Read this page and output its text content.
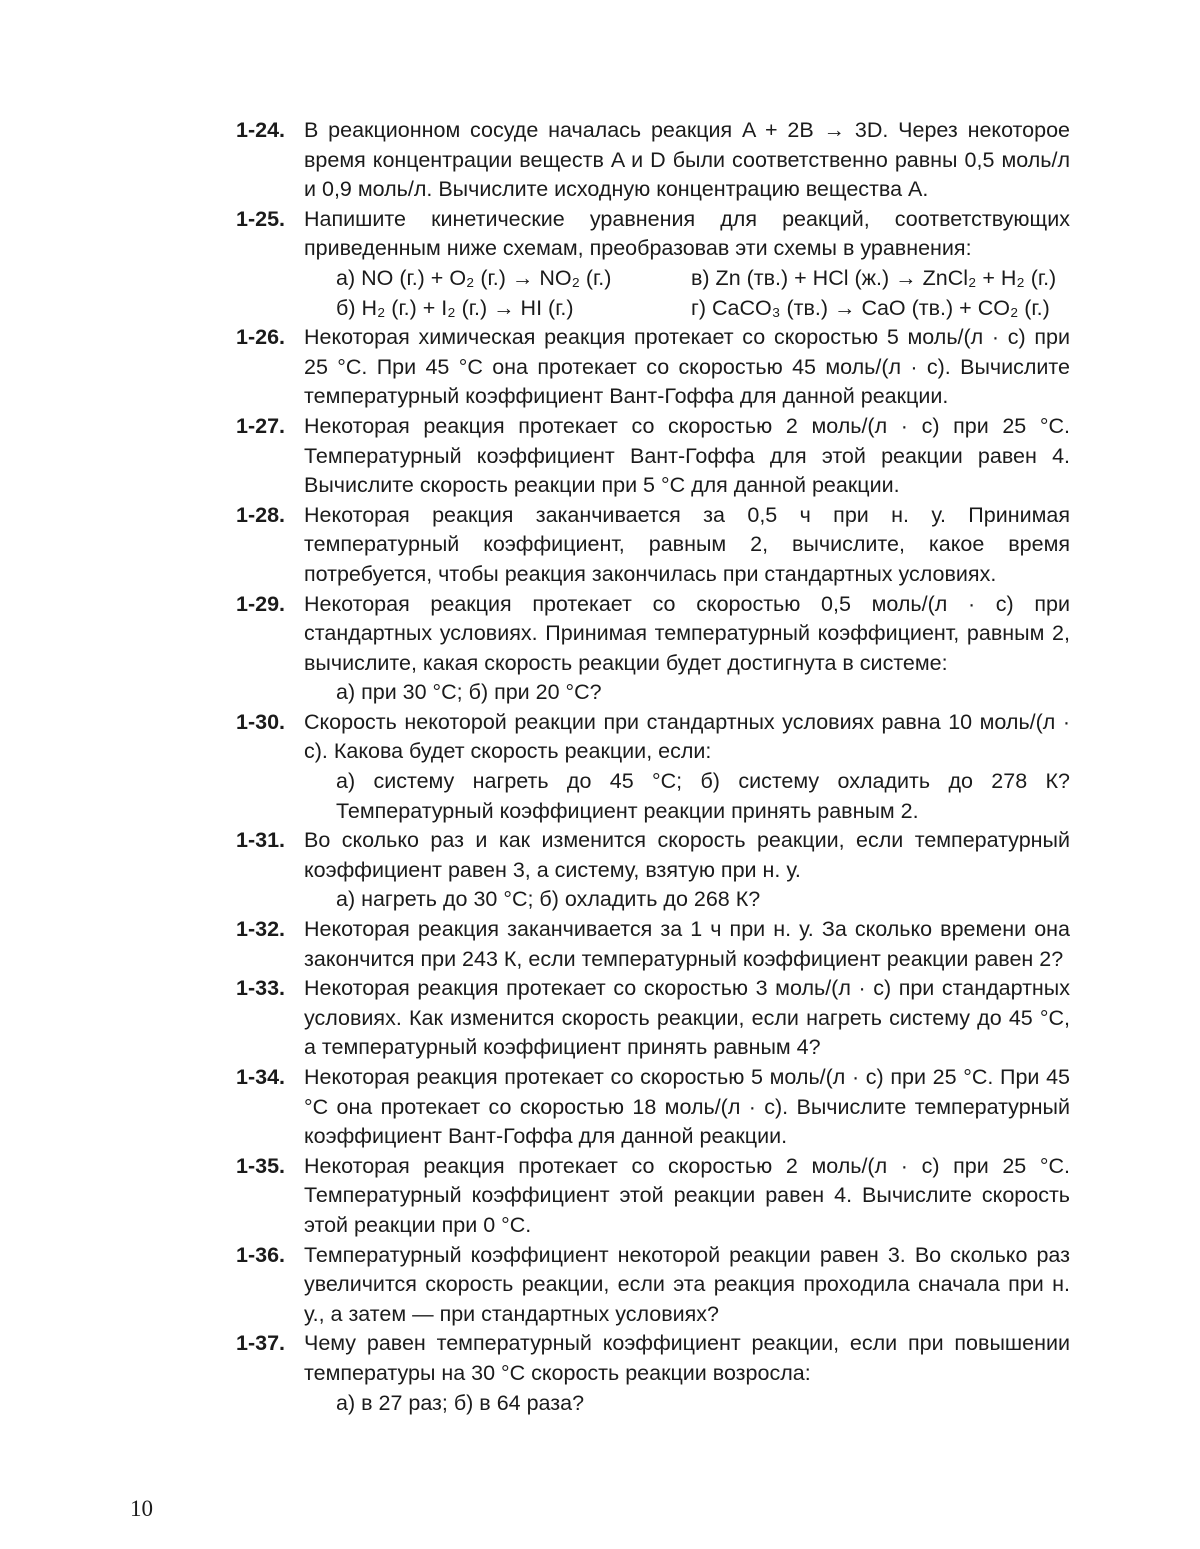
1-24. В реакционном сосуде началась реакция A + 2B → 3D. Через некоторое время концентрации веществ A и D были соответственно равны 0,5 моль/л и 0,9 моль/л. Вычислите исходную концентрацию вещества A.
1-25. Напишите кинетические уравнения для реакций, соответствующих приведенным ниже схемам, преобразовав эти схемы в уравнения:
а) NO (г.) + O₂ (г.) → NO₂ (г.)	в) Zn (тв.) + HCl (ж.) → ZnCl₂ + H₂ (г.)
б) H₂ (г.) + I₂ (г.) → HI (г.)	г) CaCO₃ (тв.) → CaO (тв.) + CO₂ (г.)
1-26. Некоторая химическая реакция протекает со скоростью 5 моль/(л · с) при 25 °С. При 45 °С она протекает со скоростью 45 моль/(л · с). Вычислите температурный коэффициент Вант-Гоффа для данной реакции.
1-27. Некоторая реакция протекает со скоростью 2 моль/(л · с) при 25 °С. Температурный коэффициент Вант-Гоффа для этой реакции равен 4. Вычислите скорость реакции при 5 °С для данной реакции.
1-28. Некоторая реакция заканчивается за 0,5 ч при н. у. Принимая температурный коэффициент, равным 2, вычислите, какое время потребуется, чтобы реакция закончилась при стандартных условиях.
1-29. Некоторая реакция протекает со скоростью 0,5 моль/(л · с) при стандартных условиях. Принимая температурный коэффициент, равным 2, вычислите, какая скорость реакции будет достигнута в системе:
а) при 30 °С; б) при 20 °С?
1-30. Скорость некоторой реакции при стандартных условиях равна 10 моль/(л · с). Какова будет скорость реакции, если:
а) систему нагреть до 45 °С; б) систему охладить до 278 К? Температурный коэффициент реакции принять равным 2.
1-31. Во сколько раз и как изменится скорость реакции, если температурный коэффициент равен 3, а систему, взятую при н. у.
а) нагреть до 30 °С; б) охладить до 268 К?
1-32. Некоторая реакция заканчивается за 1 ч при н. у. За сколько времени она закончится при 243 К, если температурный коэффициент реакции равен 2?
1-33. Некоторая реакция протекает со скоростью 3 моль/(л · с) при стандартных условиях. Как изменится скорость реакции, если нагреть систему до 45 °С, а температурный коэффициент принять равным 4?
1-34. Некоторая реакция протекает со скоростью 5 моль/(л · с) при 25 °С. При 45 °С она протекает со скоростью 18 моль/(л · с). Вычислите температурный коэффициент Вант-Гоффа для данной реакции.
1-35. Некоторая реакция протекает со скоростью 2 моль/(л · с) при 25 °С. Температурный коэффициент этой реакции равен 4. Вычислите скорость этой реакции при 0 °С.
1-36. Температурный коэффициент некоторой реакции равен 3. Во сколько раз увеличится скорость реакции, если эта реакция проходила сначала при н. у., а затем — при стандартных условиях?
1-37. Чему равен температурный коэффициент реакции, если при повышении температуры на 30 °С скорость реакции возросла:
а) в 27 раз; б) в 64 раза?
10
